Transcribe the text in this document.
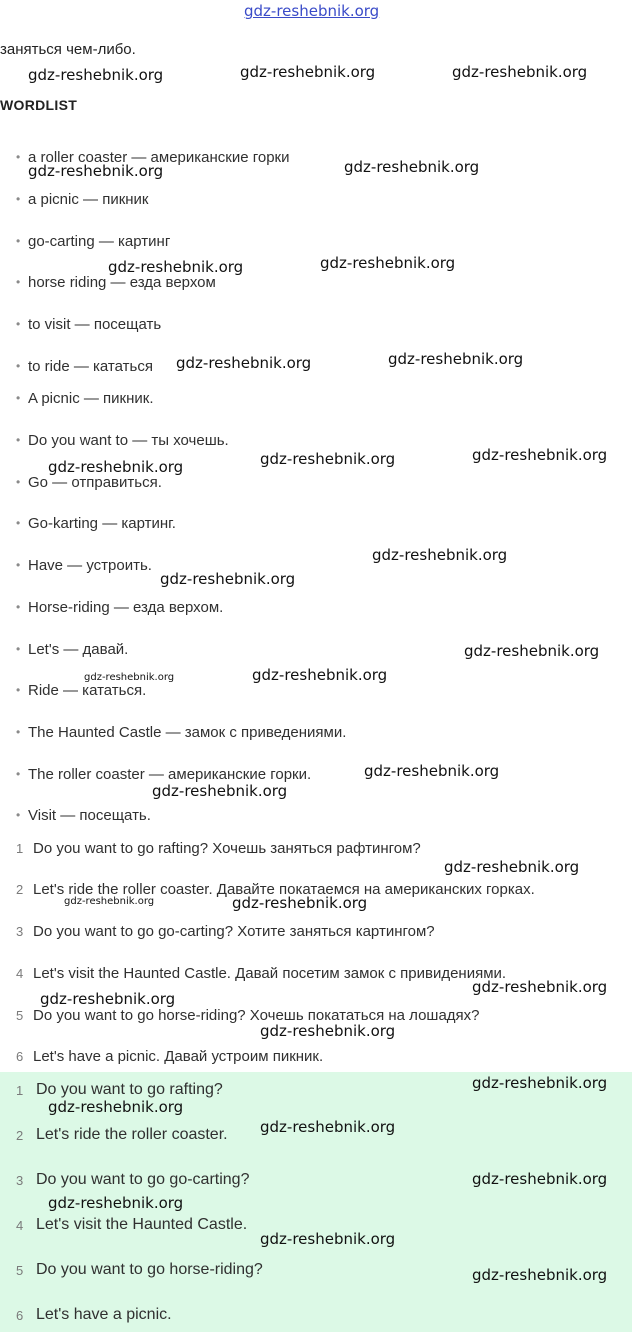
заняться чем-либо.
WORDLIST
• a roller coaster — американские горки
• a picnic — пикник
• go-carting — картинг
• horse riding — езда верхом
• to visit — посещать
• to ride — кататься
• A picnic — пикник.
• Do you want to — ты хочешь.
• Go — отправиться.
• Go-karting — картинг.
• Have — устроить.
• Horse-riding — езда верхом.
• Let's — давай.
• Ride — кататься.
• The Haunted Castle — замок с приведениями.
• The roller coaster — американские горки.
• Visit — посещать.
1 Do you want to go rafting? Хочешь заняться рафтингом?
2 Let's ride the roller coaster. Давайте покатаемся на американских горках.
3 Do you want to go go-carting? Хотите заняться картингом?
4 Let's visit the Haunted Castle. Давай посетим замок с привидениями.
5 Do you want to go horse-riding? Хочешь покататься на лошадях?
6 Let's have a picnic. Давай устроим пикник.
1 Do you want to go rafting?
2 Let's ride the roller coaster.
3 Do you want to go go-carting?
4 Let's visit the Haunted Castle.
5 Do you want to go horse-riding?
6 Let's have a picnic.
gdz-reshebnik.org
gdz-reshebnik.org	gdz-reshebnik.org	gdz-reshebnik.org
gdz-reshebnik.org	gdz-reshebnik.org
gdz-reshebnik.org	gdz-reshebnik.org
gdz-reshebnik.org	gdz-reshebnik.org
gdz-reshebnik.org	gdz-reshebnik.org	gdz-reshebnik.org
gdz-reshebnik.org
gdz-reshebnik.org
gdz-reshebnik.org
gdz-reshebnik.org	gdz-reshebnik.org
gdz-reshebnik.org
gdz-reshebnik.org
gdz-reshebnik.org
gdz-reshebnik.org	gdz-reshebnik.org
gdz-reshebnik.org
gdz-reshebnik.org
gdz-reshebnik.org
gdz-reshebnik.org
gdz-reshebnik.org
gdz-reshebnik.org
gdz-reshebnik.org
gdz-reshebnik.org
gdz-reshebnik.org
gdz-reshebnik.org
